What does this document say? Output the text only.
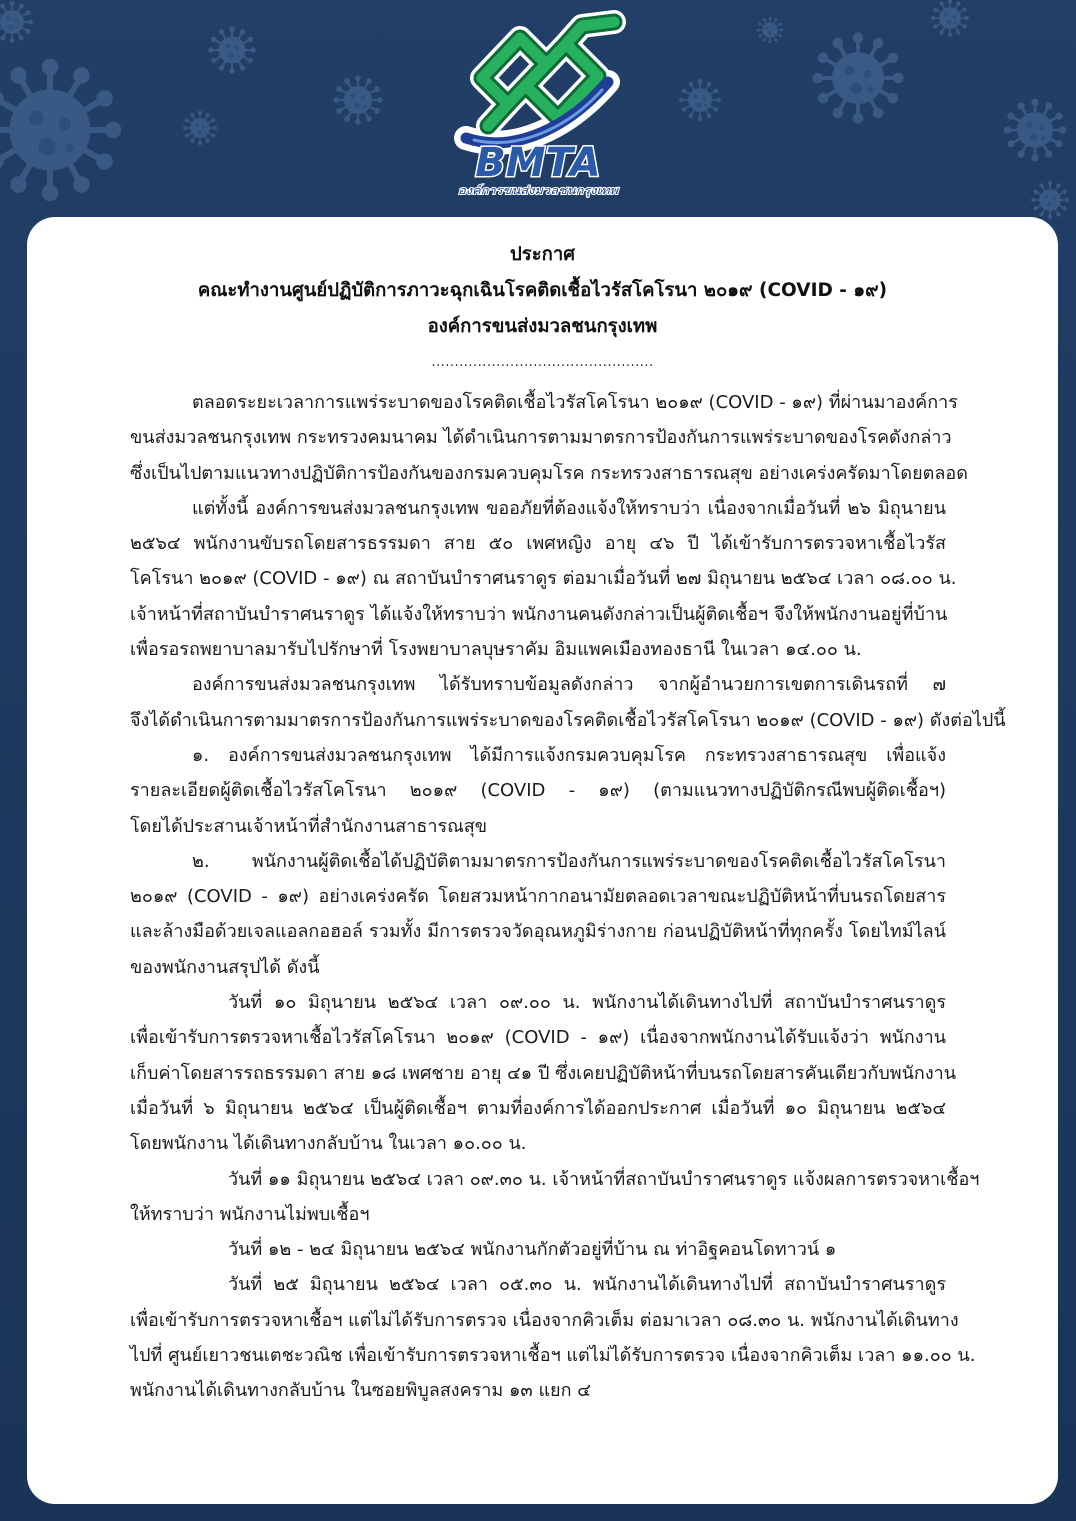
BMTA
องค์การขนส่งมวลชนกรุงเทพ
ประกาศ
คณะทำงานศูนย์ปฏิบัติการภาวะฉุกเฉินโรคติดเชื้อไวรัสโคโรนา ๒๐๑๙ (COVID - ๑๙)
องค์การขนส่งมวลชนกรุงเทพ
................................................
ตลอดระยะเวลาการแพร่ระบาดของโรคติดเชื้อไวรัสโคโรนา ๒๐๑๙ (COVID - ๑๙) ที่ผ่านมาองค์การ
ขนส่งมวลชนกรุงเทพ กระทรวงคมนาคม ได้ดำเนินการตามมาตรการป้องกันการแพร่ระบาดของโรคดังกล่าว
ซึ่งเป็นไปตามแนวทางปฏิบัติการป้องกันของกรมควบคุมโรค กระทรวงสาธารณสุข อย่างเคร่งครัดมาโดยตลอด
แต่ทั้งนี้ องค์การขนส่งมวลชนกรุงเทพ ขออภัยที่ต้องแจ้งให้ทราบว่า เนื่องจากเมื่อวันที่ ๒๖ มิถุนายน
๒๕๖๔ พนักงานขับรถโดยสารธรรมดา สาย ๕๐ เพศหญิง อายุ ๔๖ ปี ได้เข้ารับการตรวจหาเชื้อไวรัส
โคโรนา ๒๐๑๙ (COVID - ๑๙) ณ สถาบันบำราศนราดูร ต่อมาเมื่อวันที่ ๒๗ มิถุนายน ๒๕๖๔ เวลา ๐๘.๐๐ น.
เจ้าหน้าที่สถาบันบำราศนราดูร ได้แจ้งให้ทราบว่า พนักงานคนดังกล่าวเป็นผู้ติดเชื้อฯ จึงให้พนักงานอยู่ที่บ้าน
เพื่อรอรถพยาบาลมารับไปรักษาที่ โรงพยาบาลบุษราคัม อิมแพคเมืองทองธานี ในเวลา ๑๔.๐๐ น.
องค์การขนส่งมวลชนกรุงเทพ ได้รับทราบข้อมูลดังกล่าว จากผู้อำนวยการเขตการเดินรถที่ ๗
จึงได้ดำเนินการตามมาตรการป้องกันการแพร่ระบาดของโรคติดเชื้อไวรัสโคโรนา ๒๐๑๙ (COVID - ๑๙) ดังต่อไปนี้
๑. องค์การขนส่งมวลชนกรุงเทพ ได้มีการแจ้งกรมควบคุมโรค กระทรวงสาธารณสุข เพื่อแจ้ง
รายละเอียดผู้ติดเชื้อไวรัสโคโรนา ๒๐๑๙ (COVID - ๑๙) (ตามแนวทางปฏิบัติกรณีพบผู้ติดเชื้อฯ)
โดยได้ประสานเจ้าหน้าที่สำนักงานสาธารณสุข
๒. พนักงานผู้ติดเชื้อได้ปฏิบัติตามมาตรการป้องกันการแพร่ระบาดของโรคติดเชื้อไวรัสโคโรนา
๒๐๑๙ (COVID - ๑๙) อย่างเคร่งครัด โดยสวมหน้ากากอนามัยตลอดเวลาขณะปฏิบัติหน้าที่บนรถโดยสาร
และล้างมือด้วยเจลแอลกอฮอล์ รวมทั้ง มีการตรวจวัดอุณหภูมิร่างกาย ก่อนปฏิบัติหน้าที่ทุกครั้ง โดยไทม์ไลน์
ของพนักงานสรุปได้ ดังนี้
วันที่ ๑๐ มิถุนายน ๒๕๖๔ เวลา ๐๙.๐๐ น. พนักงานได้เดินทางไปที่ สถาบันบำราศนราดูร
เพื่อเข้ารับการตรวจหาเชื้อไวรัสโคโรนา ๒๐๑๙ (COVID - ๑๙) เนื่องจากพนักงานได้รับแจ้งว่า พนักงาน
เก็บค่าโดยสารรถธรรมดา สาย ๑๘ เพศชาย อายุ ๔๑ ปี ซึ่งเคยปฏิบัติหน้าที่บนรถโดยสารคันเดียวกับพนักงาน
เมื่อวันที่ ๖ มิถุนายน ๒๕๖๔ เป็นผู้ติดเชื้อฯ ตามที่องค์การได้ออกประกาศ เมื่อวันที่ ๑๐ มิถุนายน ๒๕๖๔
โดยพนักงาน ได้เดินทางกลับบ้าน ในเวลา ๑๐.๐๐ น.
วันที่ ๑๑ มิถุนายน ๒๕๖๔ เวลา ๐๙.๓๐ น. เจ้าหน้าที่สถาบันบำราศนราดูร แจ้งผลการตรวจหาเชื้อฯ
ให้ทราบว่า พนักงานไม่พบเชื้อฯ
วันที่ ๑๒ - ๒๔ มิถุนายน ๒๕๖๔ พนักงานกักตัวอยู่ที่บ้าน ณ ท่าอิฐคอนโดทาวน์ ๑
วันที่ ๒๕ มิถุนายน ๒๕๖๔ เวลา ๐๕.๓๐ น. พนักงานได้เดินทางไปที่ สถาบันบำราศนราดูร
เพื่อเข้ารับการตรวจหาเชื้อฯ แต่ไม่ได้รับการตรวจ เนื่องจากคิวเต็ม ต่อมาเวลา ๐๘.๓๐ น. พนักงานได้เดินทาง
ไปที่ ศูนย์เยาวชนเตชะวณิช เพื่อเข้ารับการตรวจหาเชื้อฯ แต่ไม่ได้รับการตรวจ เนื่องจากคิวเต็ม เวลา ๑๑.๐๐ น.
พนักงานได้เดินทางกลับบ้าน ในซอยพิบูลสงคราม ๑๓ แยก ๔
